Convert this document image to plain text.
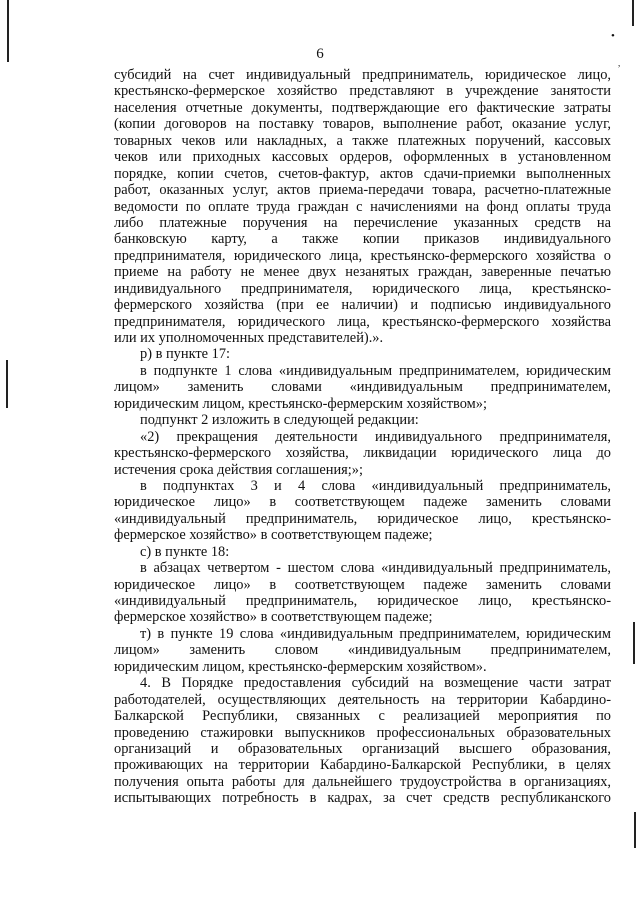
•
,
6
субсидий на счет индивидуальный предприниматель, юридическое лицо,
крестьянско-фермерское хозяйство представляют в учреждение занятости
населения отчетные документы, подтверждающие его фактические затраты
(копии договоров на поставку товаров, выполнение работ, оказание услуг,
товарных чеков или накладных, а также платежных поручений, кассовых
чеков или приходных кассовых ордеров, оформленных в установленном
порядке, копии счетов, счетов-фактур, актов сдачи-приемки выполненных
работ, оказанных услуг, актов приема-передачи товара, расчетно-платежные
ведомости по оплате труда граждан с начислениями на фонд оплаты труда
либо платежные поручения на перечисление указанных средств на
банковскую карту, а также копии приказов индивидуального
предпринимателя, юридического лица, крестьянско-фермерского хозяйства о
приеме на работу не менее двух незанятых граждан, заверенные печатью
индивидуального предпринимателя, юридического лица, крестьянско-
фермерского хозяйства (при ее наличии) и подписью индивидуального
предпринимателя, юридического лица, крестьянско-фермерского хозяйства
или их уполномоченных представителей).».
р) в пункте 17:
в подпункте 1 слова «индивидуальным предпринимателем, юридическим
лицом» заменить словами «индивидуальным предпринимателем,
юридическим лицом, крестьянско-фермерским хозяйством»;
подпункт 2 изложить в следующей редакции:
«2) прекращения деятельности индивидуального предпринимателя,
крестьянско-фермерского хозяйства, ликвидации юридического лица до
истечения срока действия соглашения;»;
в подпунктах 3 и 4 слова «индивидуальный предприниматель,
юридическое лицо» в соответствующем падеже заменить словами
«индивидуальный предприниматель, юридическое лицо, крестьянско-
фермерское хозяйство» в соответствующем падеже;
с) в пункте 18:
в абзацах четвертом - шестом слова «индивидуальный предприниматель,
юридическое лицо» в соответствующем падеже заменить словами
«индивидуальный предприниматель, юридическое лицо, крестьянско-
фермерское хозяйство» в соответствующем падеже;
т) в пункте 19 слова «индивидуальным предпринимателем, юридическим
лицом» заменить словом «индивидуальным предпринимателем,
юридическим лицом, крестьянско-фермерским хозяйством».
4. В Порядке предоставления субсидий на возмещение части затрат
работодателей, осуществляющих деятельность на территории Кабардино-
Балкарской Республики, связанных с реализацией мероприятия по
проведению стажировки выпускников профессиональных образовательных
организаций и образовательных организаций высшего образования,
проживающих на территории Кабардино-Балкарской Республики, в целях
получения опыта работы для дальнейшего трудоустройства в организациях,
испытывающих потребность в кадрах, за счет средств республиканского
